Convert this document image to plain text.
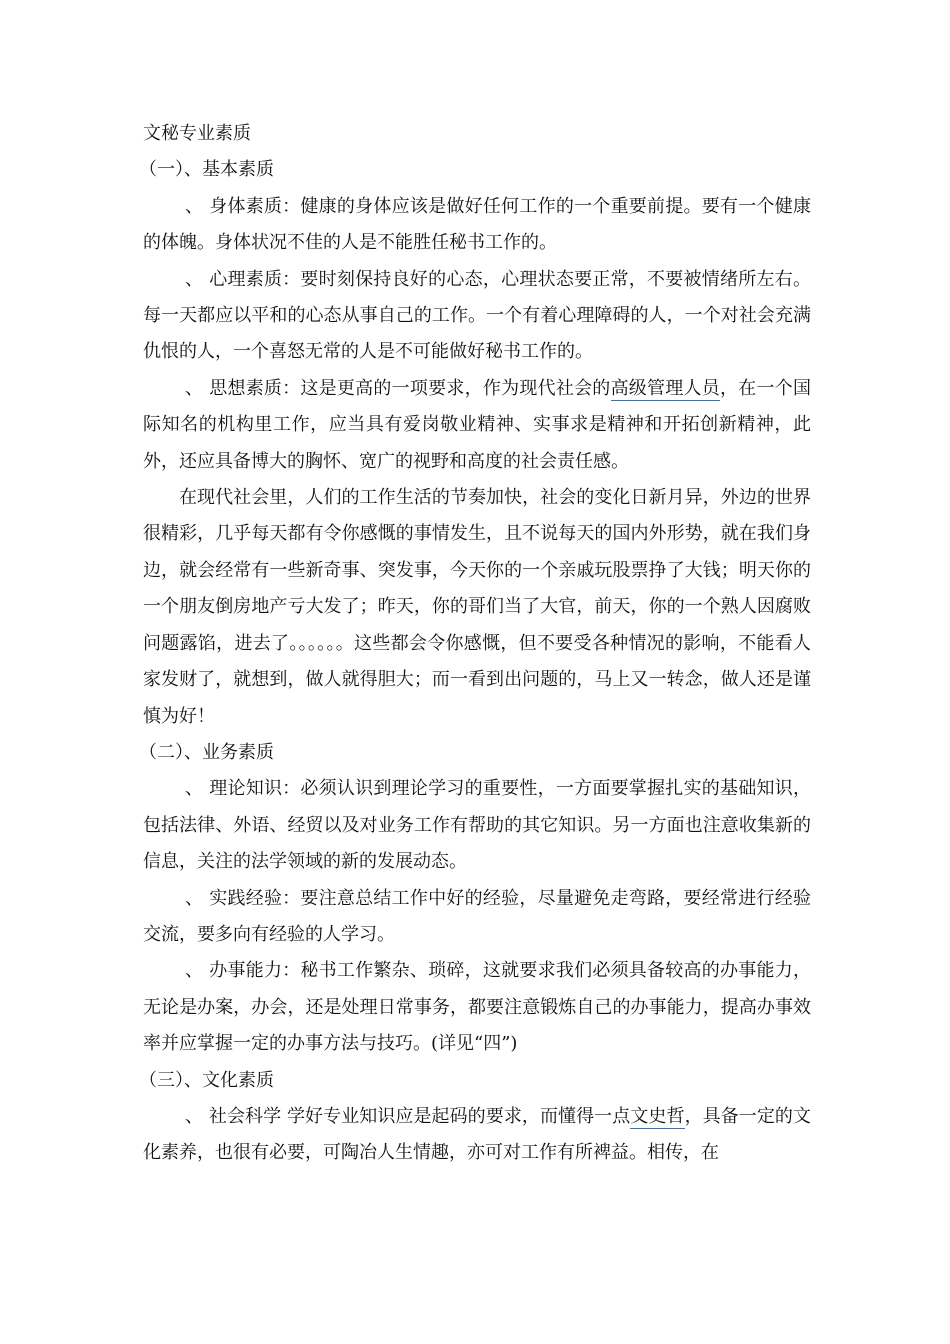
文秘专业素质

（一）、基本素质

、 身体素质：健康的身体应该是做好任何工作的一个重要前提。要有一个健康的体魄。身体状况不佳的人是不能胜任秘书工作的。

、 心理素质：要时刻保持良好的心态，心理状态要正常，不要被情绪所左右。每一天都应以平和的心态从事自己的工作。一个有着心理障碍的人，一个对社会充满仇恨的人，一个喜怒无常的人是不可能做好秘书工作的。

、 思想素质：这是更高的一项要求，作为现代社会的高级管理人员，在一个国际知名的机构里工作，应当具有爱岗敬业精神、实事求是精神和开拓创新精神，此外，还应具备博大的胸怀、宽广的视野和高度的社会责任感。

在现代社会里，人们的工作生活的节奏加快，社会的变化日新月异，外边的世界很精彩，几乎每天都有令你感慨的事情发生，且不说每天的国内外形势，就在我们身边，就会经常有一些新奇事、突发事，今天你的一个亲戚玩股票挣了大钱；明天你的一个朋友倒房地产亏大发了；昨天，你的哥们当了大官，前天，你的一个熟人因腐败问题露馅，进去了。。。。。。这些都会令你感慨，但不要受各种情况的影响，不能看人家发财了，就想到，做人就得胆大；而一看到出问题的，马上又一转念，做人还是谨慎为好！

（二）、业务素质

、 理论知识：必须认识到理论学习的重要性，一方面要掌握扎实的基础知识，包括法律、外语、经贸以及对业务工作有帮助的其它知识。另一方面也注意收集新的信息，关注的法学领域的新的发展动态。

、 实践经验：要注意总结工作中好的经验，尽量避免走弯路，要经常进行经验交流，要多向有经验的人学习。

、 办事能力：秘书工作繁杂、琐碎，这就要求我们必须具备较高的办事能力，无论是办案，办会，还是处理日常事务，都要注意锻炼自己的办事能力，提高办事效率并应掌握一定的办事方法与技巧。(详见“四”)

（三）、文化素质

、 社会科学 学好专业知识应是起码的要求，而懂得一点文史哲，具备一定的文化素养，也很有必要，可陶冶人生情趣，亦可对工作有所裨益。相传，在
